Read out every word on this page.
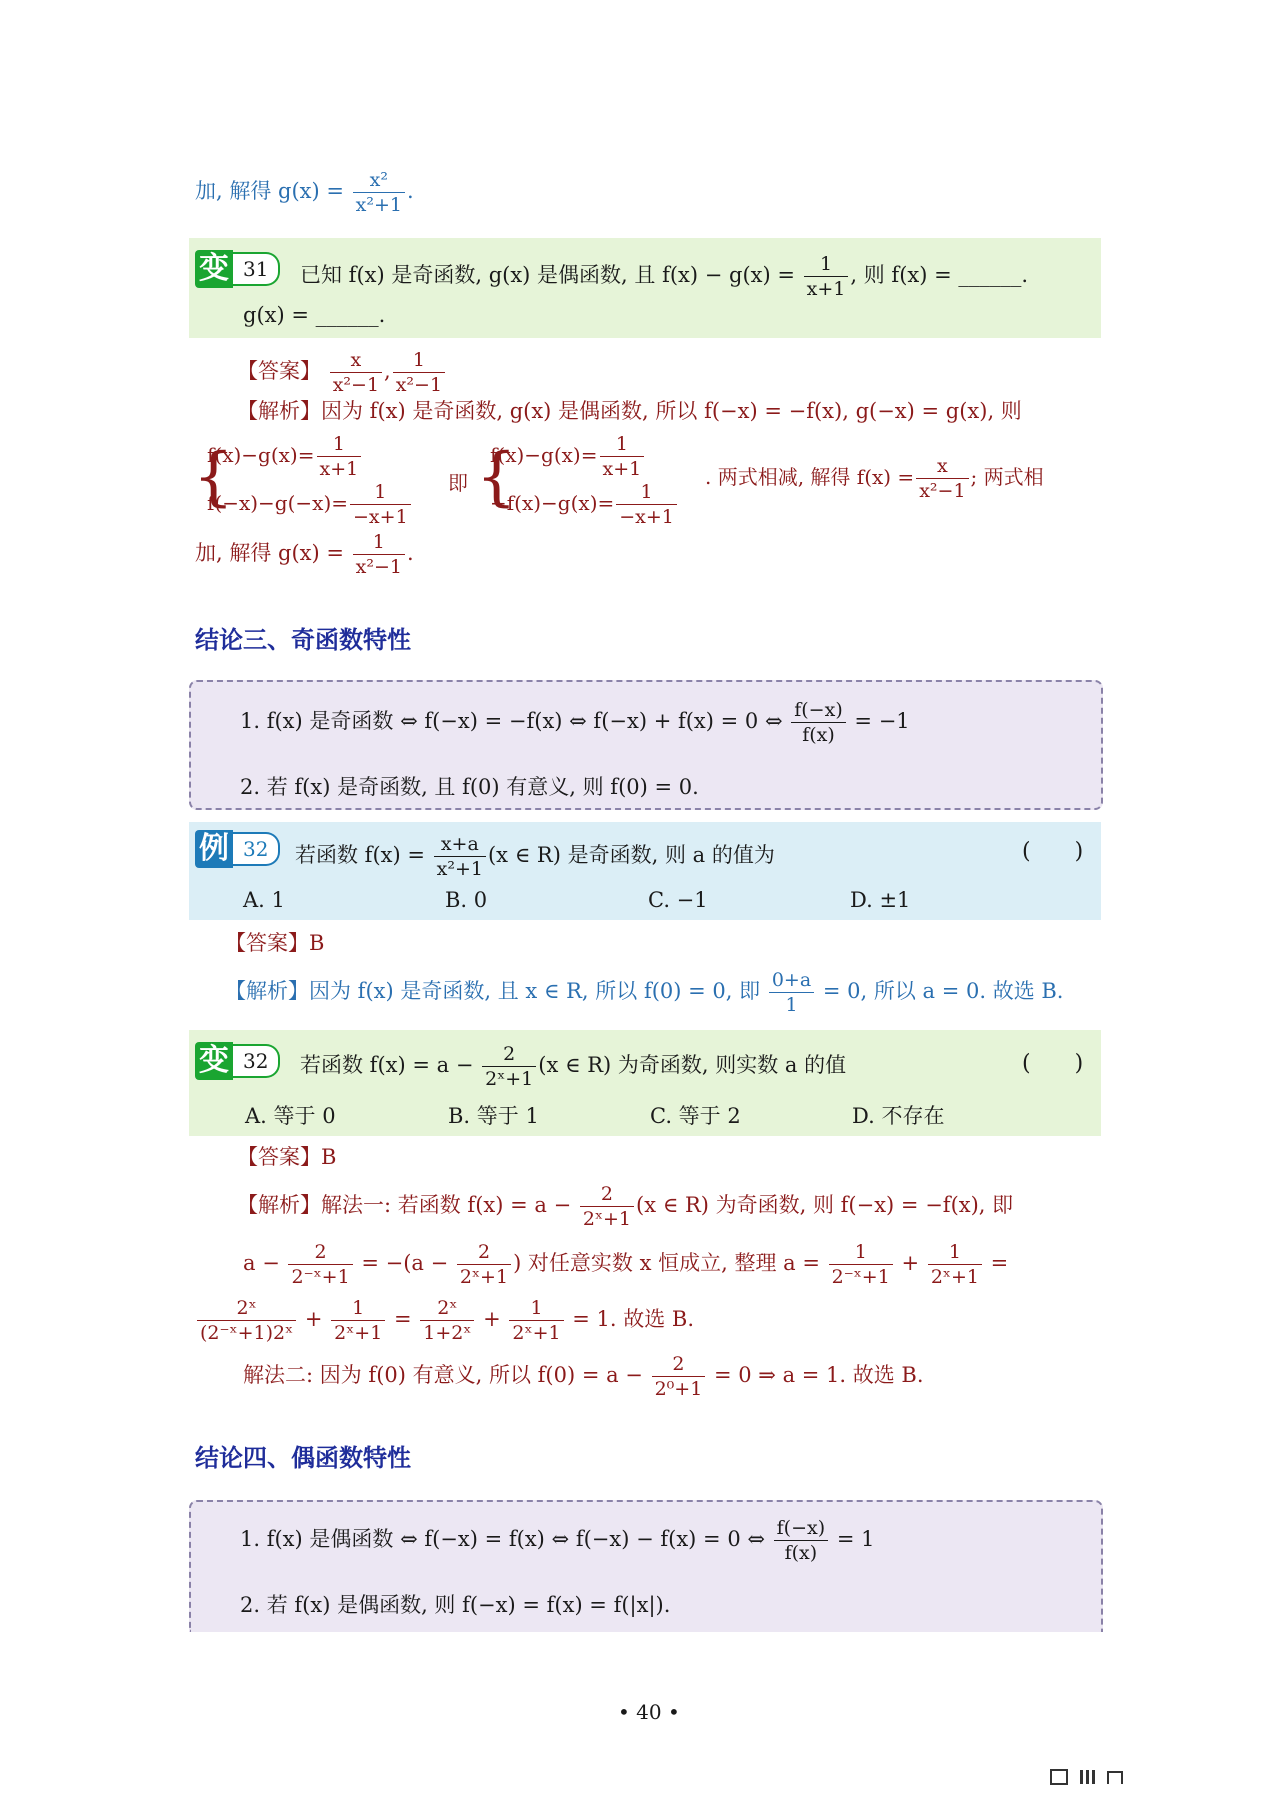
加, 解得 $g(x) = \frac{\text{x²}}{\text{x²+1}}$ .
变 31	已知 f(x) 是奇函数, g(x) 是偶函数, 且 $f(x) - g(x) = \frac{1}{x+1}$ , 则 f(x) = ______.
g(x) = ______.
【答案】 $\frac{x}{\text{x²−1}}$ , $\frac{1}{\text{x²−1}}$
【解析】因为 f(x) 是奇函数, g(x) 是偶函数, 所以 f(−x) = −f(x), g(−x) = g(x), 则
{
$f(x)-g(x)= \frac{1}{x+1}$
$f(-x)-g(-x)= \frac{1}{-x+1}$ 即 {
$f(x)-g(x)= \frac{1}{x+1}$
$-f(x)-g(x)= \frac{1}{-x+1}$
. 两式相减, 解得 $f(x) = \frac{x}{\text{x²−1}}$ ; 两式相
加, 解得 $g(x) = \frac{1}{\text{x²−1}}$ .
结论三、奇函数特性
1. f(x) 是奇函数 ⇔ f(−x) = −f(x) ⇔ f(−x) + f(x) = 0 ⇔ $\frac{f(-x)}{f(x)} = -1$
2. 若 f(x) 是奇函数, 且 f(0) 有意义, 则 f(0) = 0.
例 32	若函数 $f(x) = \frac{x+a}{\text{x²+1}} (x$ ∈ R) 是奇函数, 则 a 的值为	(　　)
A. 1	B. 0	C. −1	D. ±1
【答案】B
【解析】因为 f(x) 是奇函数, 且 x ∈ R, 所以 f(0) = 0, 即 $\frac{0+a}{1} = 0$, 所以 a = 0. 故选 B.
变 32	若函数 $f(x) = a - \frac{2}{\text{2ˣ+1}} (x$ ∈ R) 为奇函数, 则实数 a 的值	(　　)
A. 等于 0	B. 等于 1	C. 等于 2	D. 不存在
【答案】B
【解析】解法一: 若函数 $f(x) = a - \frac{2}{\text{2ˣ+1}} (x$ ∈ R) 为奇函数, 则 f(−x) = −f(x), 即
$a - \frac{2}{\text{2⁻ˣ+1}} = -(a - \frac{2}{\text{2ˣ+1}}$ ) 对任意实数 x 恒成立, 整理 $a = \frac{1}{\text{2⁻ˣ+1}} + \frac{1}{\text{2ˣ+1}}$ =
$\frac{\text{2ˣ}}{\text{(2⁻ˣ+1)2ˣ}} + \frac{1}{\text{2ˣ+1}} = \frac{\text{2ˣ}}{\text{1+2ˣ}} + \frac{1}{\text{2ˣ+1}} = 1$. 故选 B.
解法二: 因为 f(0) 有意义, 所以 $f(0) = a - \frac{2}{\text{2⁰+1}} = 0$ ⇒ a = 1. 故选 B.
结论四、偶函数特性
1. f(x) 是偶函数 ⇔ f(−x) = f(x) ⇔ f(−x) − f(x) = 0 ⇔ $\frac{f(-x)}{f(x)} = 1$
2. 若 f(x) 是偶函数, 则 f(−x) = f(x) = f(|x|).
• 40 •
